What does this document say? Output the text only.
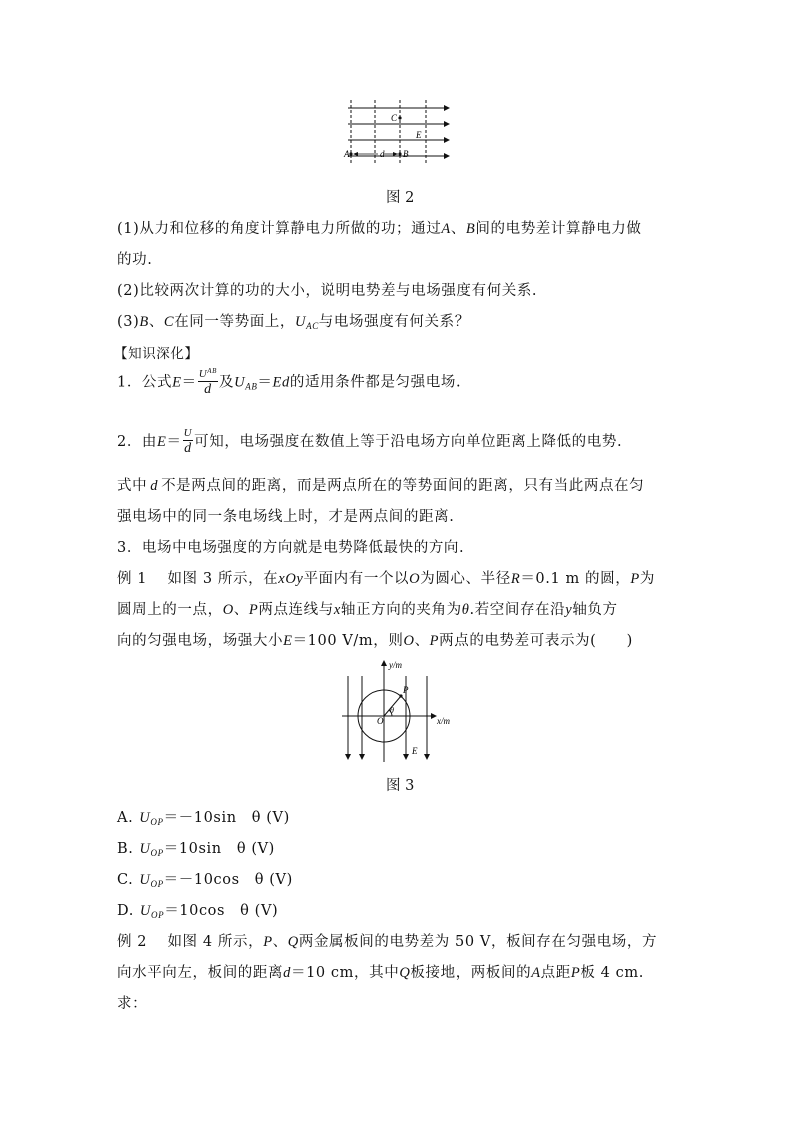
C
E
A	d B
图 2
(1)从力和位移的角度计算静电力所做的功；通过A、B间的电势差计算静电力做
的功.
(2)比较两次计算的功的大小，说明电势差与电场强度有何关系.
(3)B、C在同一等势面上，$U_{AC}$与电场强度有何关系？
【知识深化】
1．公式$E= \frac{U^{AB}}{d}$ 及$U_{AB}=Ed$的适用条件都是匀强电场.
2．由$E= \frac{U}{d}$ 可知，电场强度在数值上等于沿电场方向单位距离上降低的电势.
式中 d 不是两点间的距离，而是两点所在的等势面间的距离，只有当此两点在匀
强电场中的同一条电场线上时，才是两点间的距离.
3．电场中电场强度的方向就是电势降低最快的方向.
例 1　 如图 3 所示，在xOy平面内有一个以O为圆心、半径R＝0.1 m 的圆，P为
圆周上的一点，O、P两点连线与x轴正方向的夹角为θ.若空间存在沿y轴负方
向的匀强电场，场强大小E＝100 V/m，则O、P两点的电势差可表示为(　　)
y/m
P
O
θ
x/m
E
图 3
A. $U_{OP}=-10\sin$　θ (V)
B. $U_{OP}=10\sin$　θ (V)
C. $U_{OP}=-10\cos$　θ (V)
D. $U_{OP}=10\cos$　θ (V)
例 2　 如图 4 所示，P、Q两金属板间的电势差为 50 V，板间存在匀强电场，方
向水平向左，板间的距离d＝10 cm，其中Q板接地，两板间的A点距P板 4 cm.
求：
